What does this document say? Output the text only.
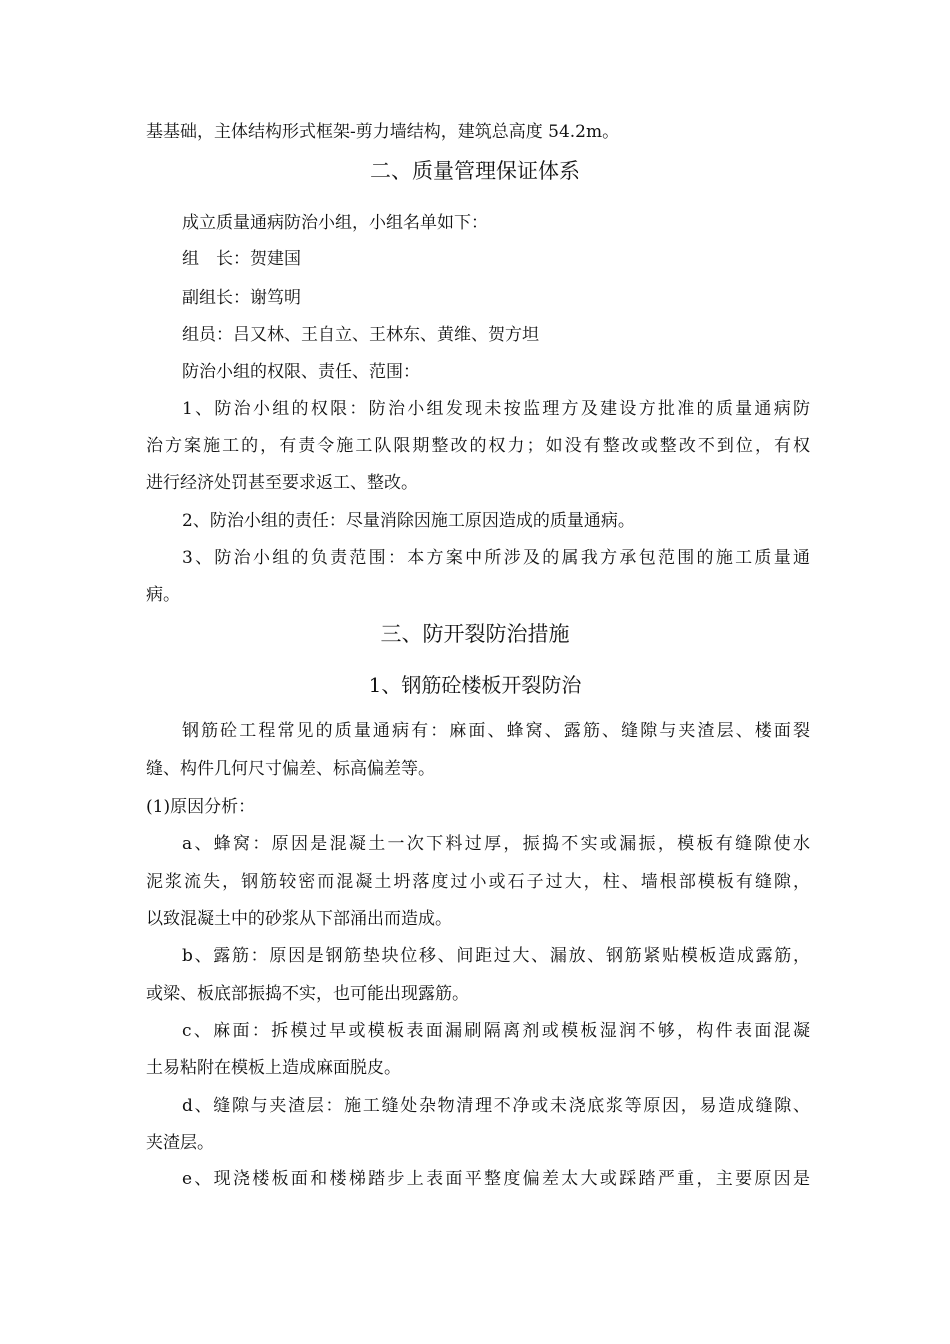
基基础，主体结构形式框架-剪力墙结构，建筑总高度 54.2m。
二、质量管理保证体系
成立质量通病防治小组，小组名单如下：
组　长：贺建国
副组长：谢笃明
组员：吕又林、王自立、王林东、黄维、贺方坦
防治小组的权限、责任、范围：
1、防治小组的权限：防治小组发现未按监理方及建设方批准的质量通病防
治方案施工的，有责令施工队限期整改的权力；如没有整改或整改不到位，有权
进行经济处罚甚至要求返工、整改。
2、防治小组的责任：尽量消除因施工原因造成的质量通病。
3、防治小组的负责范围：本方案中所涉及的属我方承包范围的施工质量通
病。
三、防开裂防治措施
1、钢筋砼楼板开裂防治
钢筋砼工程常见的质量通病有：麻面、蜂窝、露筋、缝隙与夹渣层、楼面裂
缝、构件几何尺寸偏差、标高偏差等。
(1)原因分析：
a、蜂窝：原因是混凝土一次下料过厚，振捣不实或漏振，模板有缝隙使水
泥浆流失，钢筋较密而混凝土坍落度过小或石子过大，柱、墙根部模板有缝隙，
以致混凝土中的砂浆从下部涌出而造成。
b、露筋：原因是钢筋垫块位移、间距过大、漏放、钢筋紧贴模板造成露筋，
或梁、板底部振捣不实，也可能出现露筋。
c、麻面：拆模过早或模板表面漏刷隔离剂或模板湿润不够，构件表面混凝
土易粘附在模板上造成麻面脱皮。
d、缝隙与夹渣层：施工缝处杂物清理不净或未浇底浆等原因，易造成缝隙、
夹渣层。
e、现浇楼板面和楼梯踏步上表面平整度偏差太大或踩踏严重，主要原因是
